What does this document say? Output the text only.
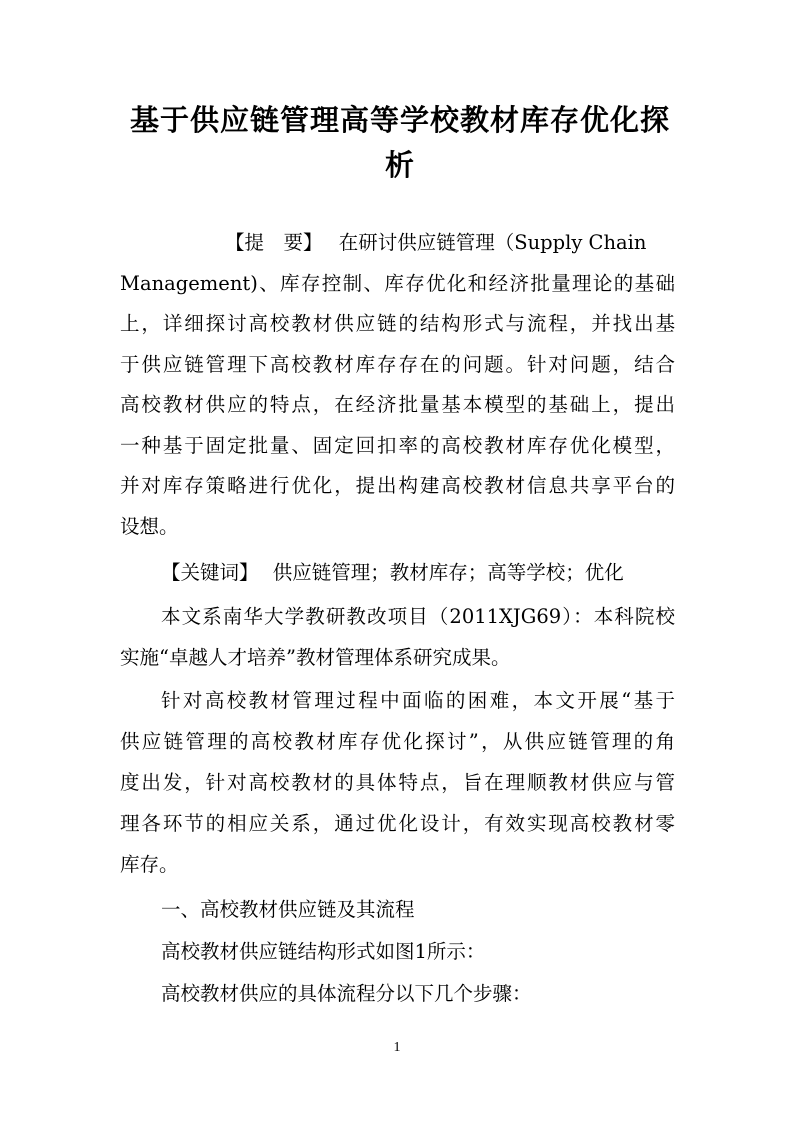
基于供应链管理高等学校教材库存优化探
析
【提　要】 在研讨供应链管理（Supply Chain
Management)、库存控制、库存优化和经济批量理论的基础
上，详细探讨高校教材供应链的结构形式与流程，并找出基
于供应链管理下高校教材库存存在的问题。针对问题，结合
高校教材供应的特点，在经济批量基本模型的基础上，提出
一种基于固定批量、固定回扣率的高校教材库存优化模型，
并对库存策略进行优化，提出构建高校教材信息共享平台的
设想。
【关键词】 供应链管理；教材库存；高等学校；优化
本文系南华大学教研教改项目（2011XJG69）：本科院校
实施“卓越人才培养”教材管理体系研究成果。
针对高校教材管理过程中面临的困难，本文开展“基于
供应链管理的高校教材库存优化探讨”，从供应链管理的角
度出发，针对高校教材的具体特点，旨在理顺教材供应与管
理各环节的相应关系，通过优化设计，有效实现高校教材零
库存。
一、高校教材供应链及其流程
高校教材供应链结构形式如图1所示：
高校教材供应的具体流程分以下几个步骤：
1
